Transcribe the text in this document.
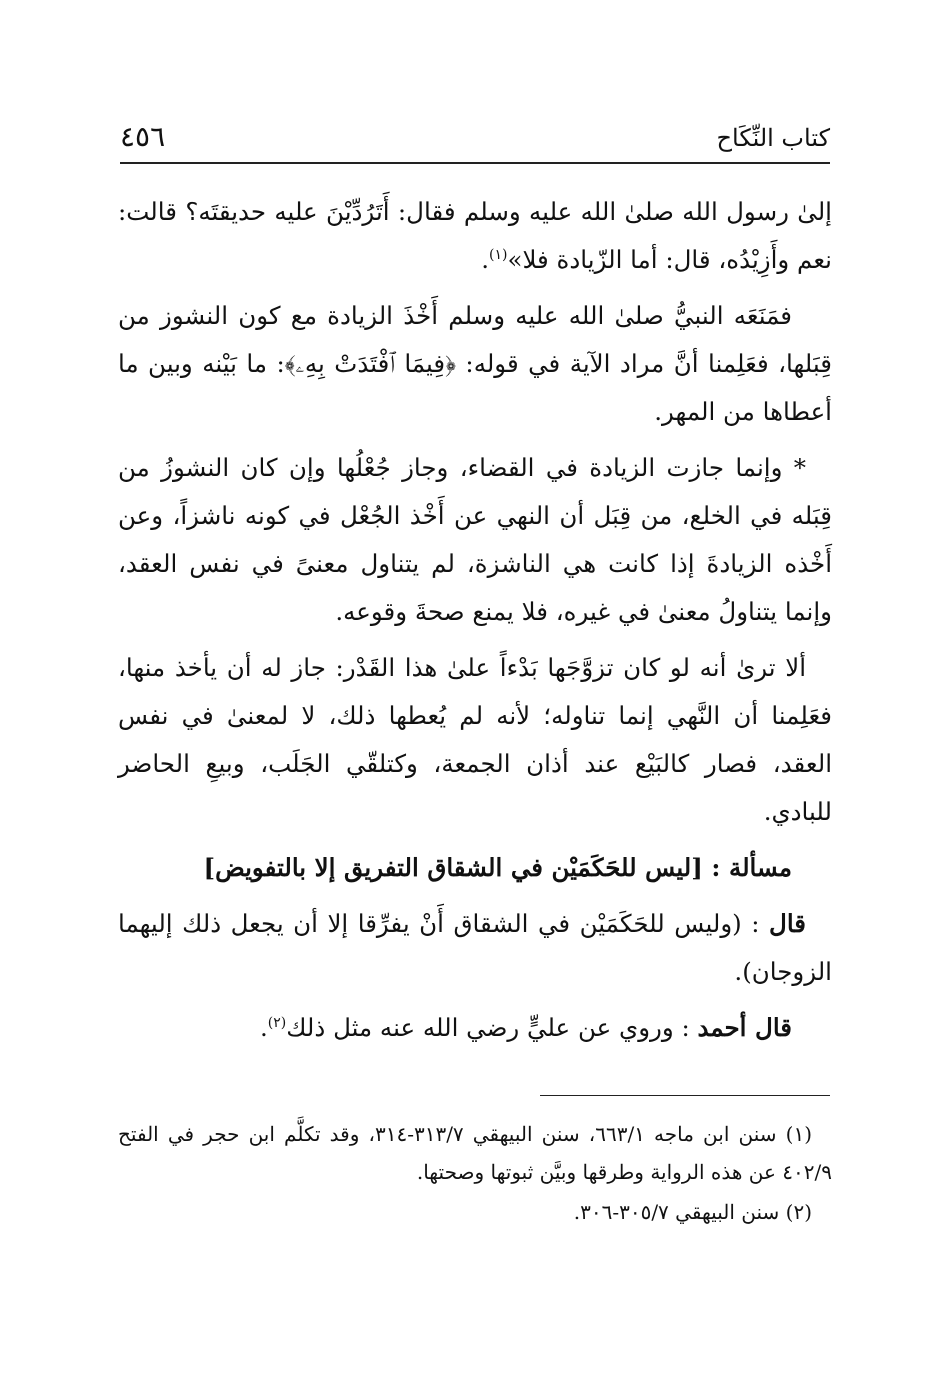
كتاب النِّكَاح
٤٥٦

إلىٰ رسول الله صلىٰ الله عليه وسلم فقال: أَتَرُدِّيْنَ عليه حديقتَه؟ قالت: نعم وأَزِيْدُه، قال: أما الزّيادة فلا»$^{(١)}$.

فمَنَعَه النبيُّ صلىٰ الله عليه وسلم أَخْذَ الزيادة مع كون النشوز من قِبَلها، فعَلِمنا أنَّ مراد الآية في قوله: ﴿فِيمَا ٱفْتَدَتْ بِهِۦ﴾: ما بَيْنه وبين ما أعطاها من المهر.

* وإنما جازت الزيادة في القضاء، وجاز جُعْلُها وإن كان النشوزُ من قِبَله في الخلع، من قِبَل أن النهي عن أَخْذ الجُعْل في كونه ناشزاً، وعن أَخْذه الزيادةَ إذا كانت هي الناشزة، لم يتناول معنىً في نفس العقد، وإنما يتناولُ معنىٰ في غيره، فلا يمنع صحةَ وقوعه.

ألا ترىٰ أنه لو كان تزوَّجَها بَدْءاً علىٰ هذا القَدْر: جاز له أن يأخذ منها، فعَلِمنا أن النَّهي إنما تناوله؛ لأنه لم يُعطها ذلك، لا لمعنىٰ في نفس العقد، فصار كالبَيْع عند أذان الجمعة، وكتلقّي الجَلَب، وبيعِ الحاضر للبادي.

مسألة : [ليس للحَكَمَيْن في الشقاق التفريق إلا بالتفويض]

قال : (وليس للحَكَمَيْن في الشقاق أَنْ يفرِّقا إلا أن يجعل ذلك إليهما الزوجان).

قال أحمد : وروي عن عليٍّ رضي الله عنه مثل ذلك$^{(٢)}$.

(١) سنن ابن ماجه ٦٦٣/١، سنن البيهقي ٣١٣/٧-٣١٤، وقد تكلَّم ابن حجر في الفتح ٤٠٢/٩ عن هذه الرواية وطرقها وبيَّن ثبوتها وصحتها.

(٢) سنن البيهقي ٣٠٥/٧-٣٠٦.
